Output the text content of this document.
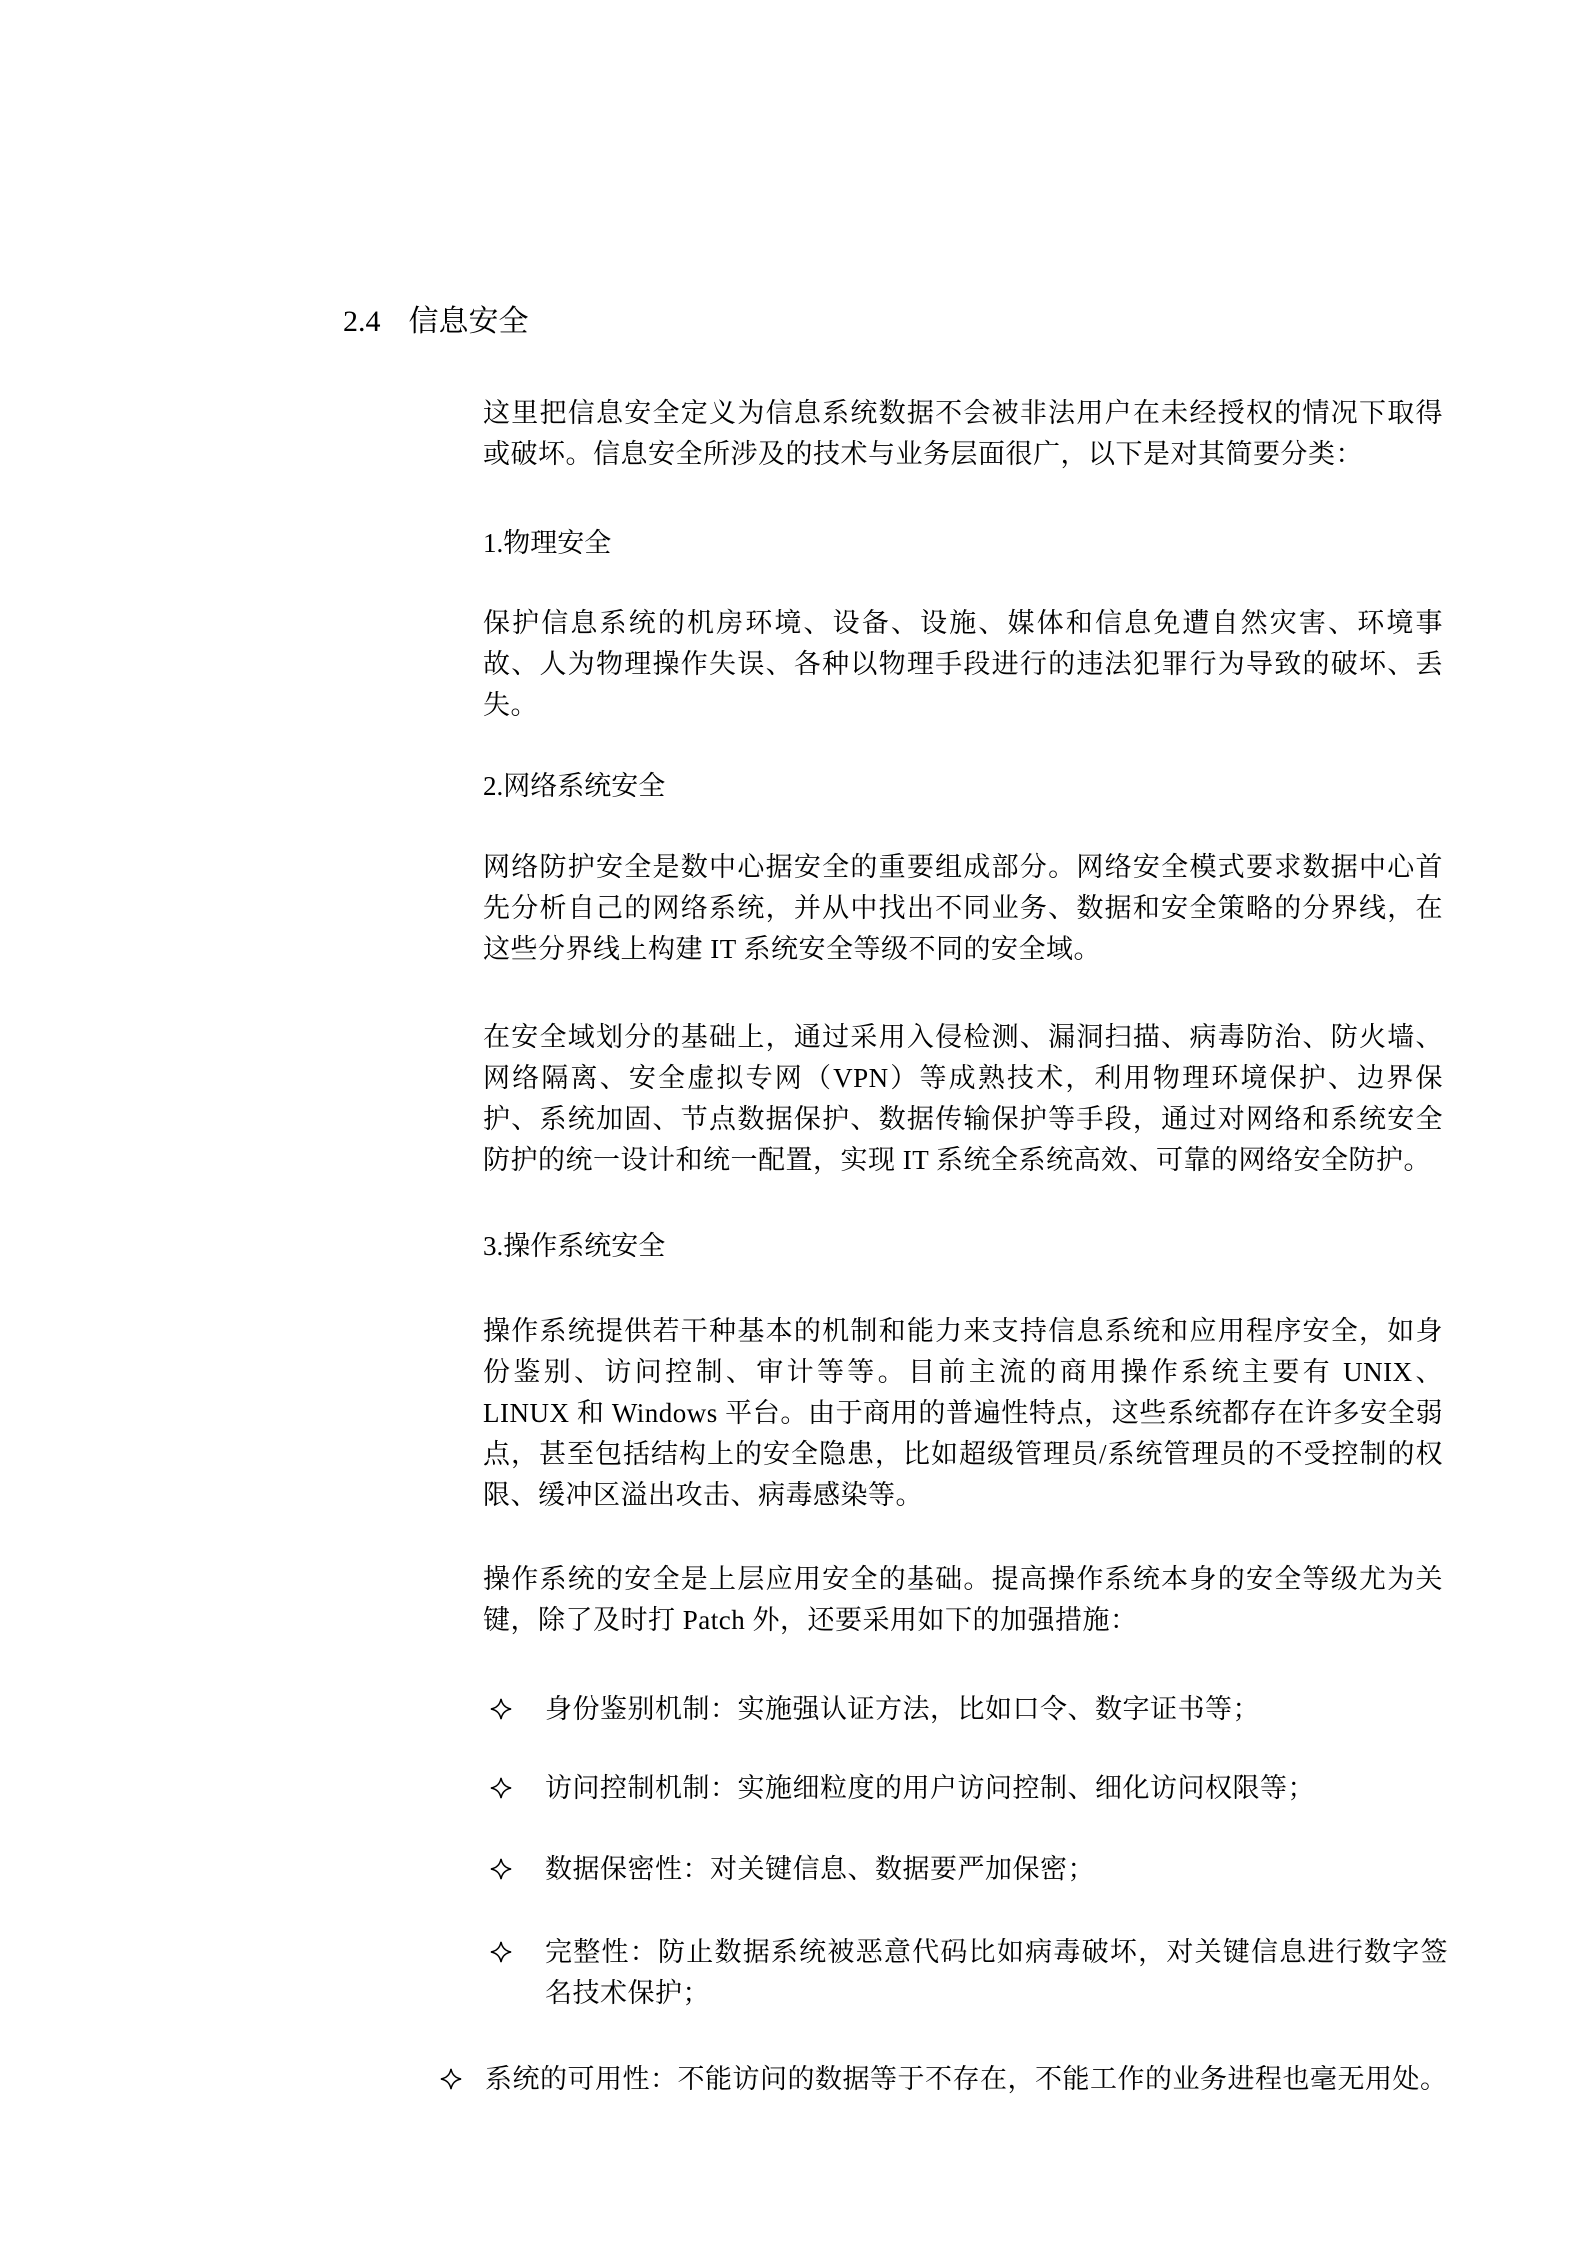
2.4 信息安全

这里把信息安全定义为信息系统数据不会被非法用户在未经授权的情况下取得或破坏。信息安全所涉及的技术与业务层面很广，以下是对其简要分类：

1.物理安全

保护信息系统的机房环境、设备、设施、媒体和信息免遭自然灾害、环境事故、人为物理操作失误、各种以物理手段进行的违法犯罪行为导致的破坏、丢失。

2.网络系统安全

网络防护安全是数中心据安全的重要组成部分。网络安全模式要求数据中心首先分析自己的网络系统，并从中找出不同业务、数据和安全策略的分界线，在这些分界线上构建 IT 系统安全等级不同的安全域。

在安全域划分的基础上，通过采用入侵检测、漏洞扫描、病毒防治、防火墙、网络隔离、安全虚拟专网（VPN）等成熟技术，利用物理环境保护、边界保护、系统加固、节点数据保护、数据传输保护等手段，通过对网络和系统安全防护的统一设计和统一配置，实现 IT 系统全系统高效、可靠的网络安全防护。

3.操作系统安全

操作系统提供若干种基本的机制和能力来支持信息系统和应用程序安全，如身份鉴别、访问控制、审计等等。目前主流的商用操作系统主要有 UNIX、LINUX 和 Windows 平台。由于商用的普遍性特点，这些系统都存在许多安全弱点，甚至包括结构上的安全隐患，比如超级管理员/系统管理员的不受控制的权限、缓冲区溢出攻击、病毒感染等。

操作系统的安全是上层应用安全的基础。提高操作系统本身的安全等级尤为关键，除了及时打 Patch 外，还要采用如下的加强措施：

身份鉴别机制：实施强认证方法，比如口令、数字证书等；
访问控制机制：实施细粒度的用户访问控制、细化访问权限等；
数据保密性：对关键信息、数据要严加保密；
完整性：防止数据系统被恶意代码比如病毒破坏，对关键信息进行数字签名技术保护；
系统的可用性：不能访问的数据等于不存在，不能工作的业务进程也毫无用处。
